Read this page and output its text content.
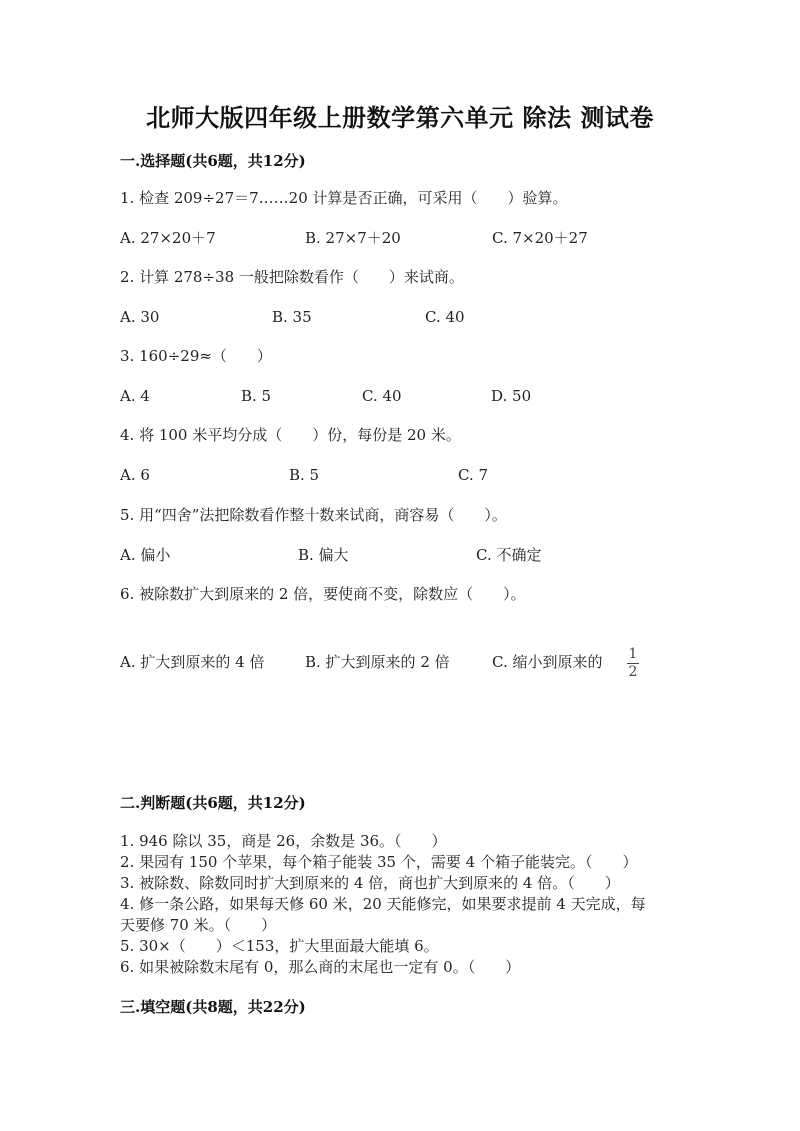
北师大版四年级上册数学第六单元 除法 测试卷
一.选择题(共6题，共12分)
1. 检查 209÷27＝7……20 计算是否正确，可采用（　　）验算。
A. 27×20＋7	B. 27×7＋20	C. 7×20＋27
2. 计算 278÷38 一般把除数看作（　　）来试商。
A. 30	B. 35	C. 40
3. 160÷29≈（　　）
A. 4	B. 5	C. 40	D. 50
4. 将 100 米平均分成（　　）份，每份是 20 米。
A. 6	B. 5	C. 7
5. 用“四舍”法把除数看作整十数来试商，商容易（　　）。
A. 偏小	B. 偏大	C. 不确定
6. 被除数扩大到原来的 2 倍，要使商不变，除数应（　　）。
A. 扩大到原来的 4 倍	B. 扩大到原来的 2 倍	C. 缩小到原来的 1
2
二.判断题(共6题，共12分)
1. 946 除以 35，商是 26，余数是 36。（　　）
2. 果园有 150 个苹果，每个箱子能装 35 个，需要 4 个箱子能装完。（　　）
3. 被除数、除数同时扩大到原来的 4 倍，商也扩大到原来的 4 倍。（　　）
4. 修一条公路，如果每天修 60 米，20 天能修完，如果要求提前 4 天完成，每
天要修 70 米。（　　）
5. 30×（　　）＜153，扩大里面最大能填 6。
6. 如果被除数末尾有 0，那么商的末尾也一定有 0。（　　）
三.填空题(共8题，共22分)
